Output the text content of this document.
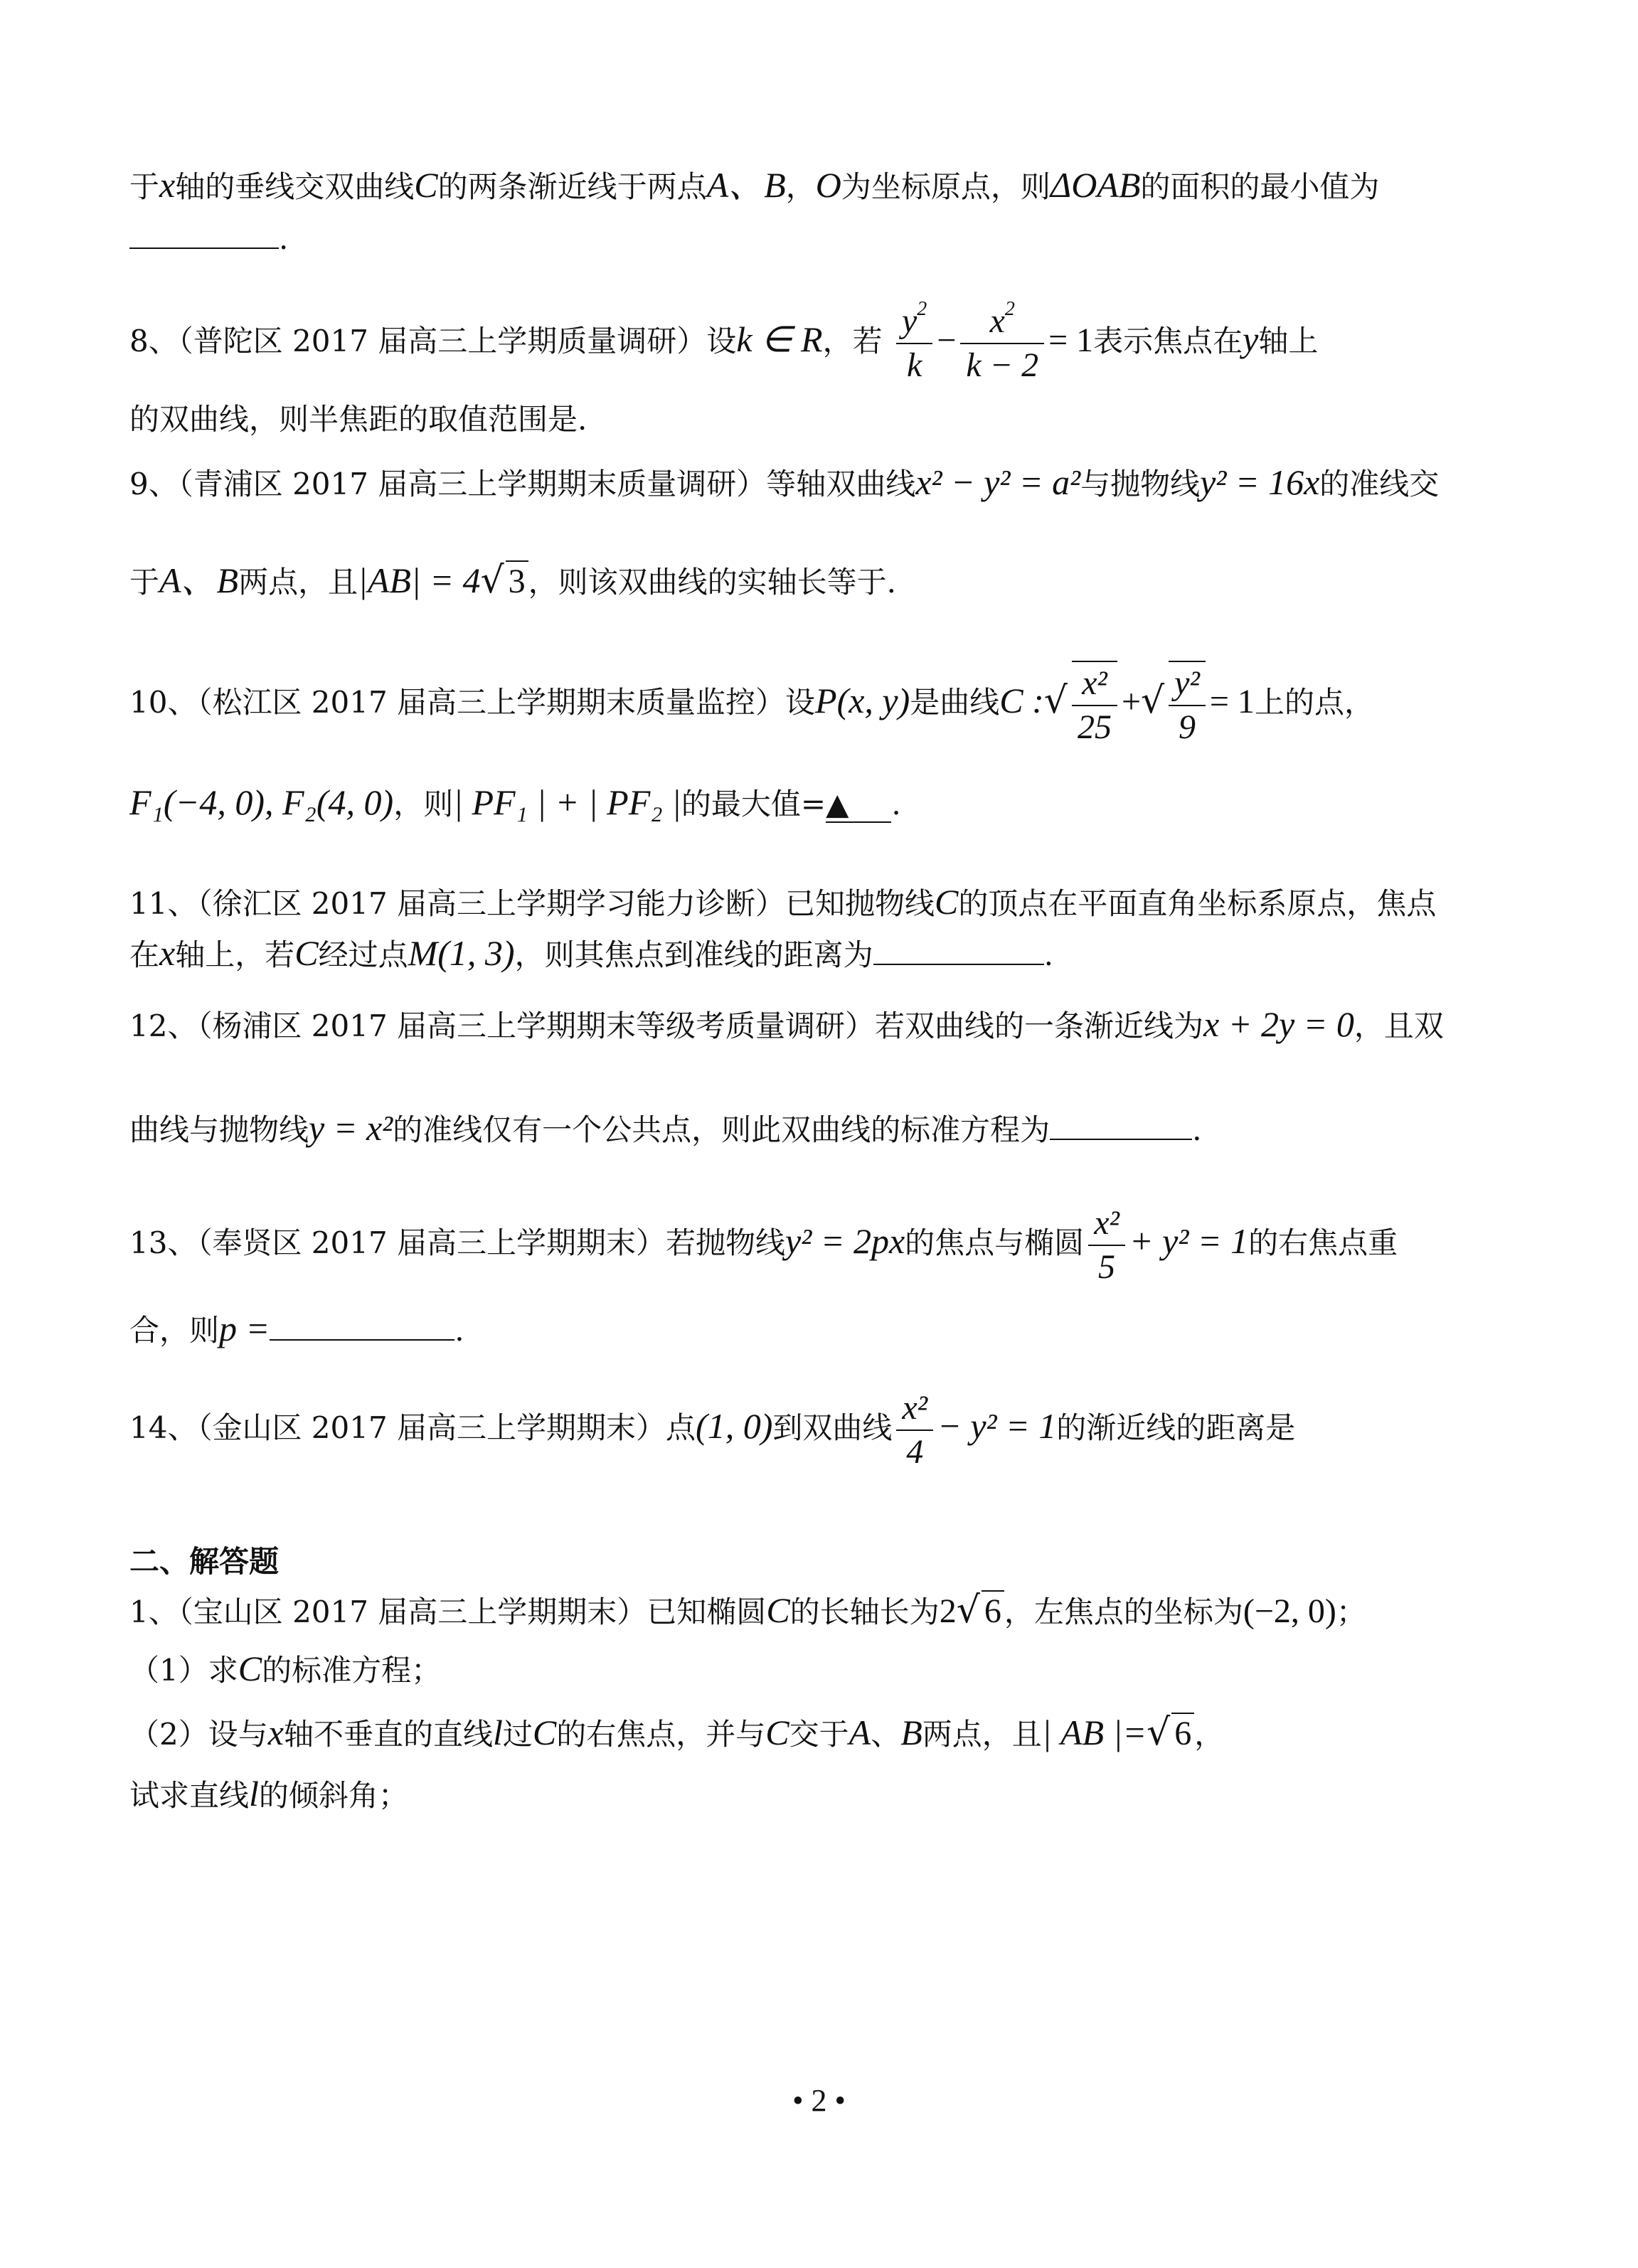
于x轴的垂线交双曲线C的两条渐近线于两点A、B，O为坐标原点，则ΔOAB的面积的最小值为
.
8、（普陀区 2017 届高三上学期质量调研）设k ∈ R，若 $\frac{y^2}{k} - \frac{x^2}{k - 2} = 1$表示焦点在y轴上
的双曲线，则半焦距的取值范围是.
9、（青浦区 2017 届高三上学期期末质量调研）等轴双曲线x² − y² = a²与抛物线y² = 16x的准线交
于A、B两点，且|AB| = 4√ 3，则该双曲线的实轴长等于.
10、（松江区 2017 届高三上学期期末质量监控）设P(x, y)是曲线C :√ $\frac{\text{x²}}{25}$ +√ $\frac{\text{y²}}{9} = 1$上的点，
F₁(−4, 0), F₂(4, 0)，则| PF₁ | + | PF₂ |的最大值=▲ .
11、（徐汇区 2017 届高三上学期学习能力诊断）已知抛物线C的顶点在平面直角坐标系原点，焦点
在x轴上，若C经过点M(1, 3)，则其焦点到准线的距离为	.
12、（杨浦区 2017 届高三上学期期末等级考质量调研）若双曲线的一条渐近线为x + 2y = 0，且双
曲线与抛物线y = x²的准线仅有一个公共点，则此双曲线的标准方程为	.
13、（奉贤区 2017 届高三上学期期末）若抛物线y² = 2px的焦点与椭圆 $\frac{\text{x²}}{5} + y^2 = 1$的右焦点重
合，则p =	.
14、（金山区 2017 届高三上学期期末）点(1, 0)到双曲线 $\frac{\text{x²}}{4} - y^2 = 1$的渐近线的距离是
二、解答题
1、（宝山区 2017 届高三上学期期末）已知椭圆C的长轴长为2√ 6，左焦点的坐标为(−2, 0)；
（1）求C的标准方程；
（2）设与x轴不垂直的直线l过C的右焦点，并与C交于A、B两点，且| AB |=√ 6，
试求直线l的倾斜角；
• 2 •
